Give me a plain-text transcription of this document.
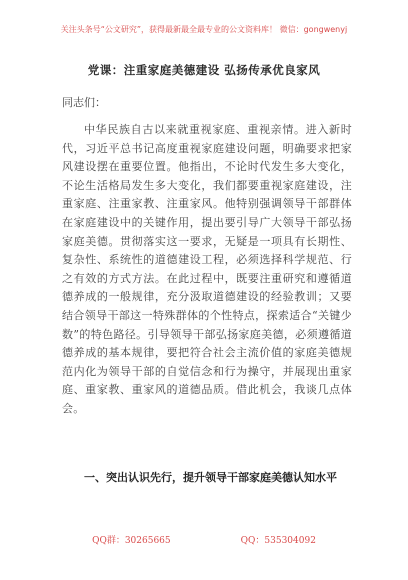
关注头条号“公文研究”，获得最新最全最专业的公文资料库！ 微信：gongwenyj
党课：注重家庭美德建设 弘扬传承优良家风
同志们：

中华民族自古以来就重视家庭、重视亲情。进入新时代，习近平总书记高度重视家庭建设问题，明确要求把家风建设摆在重要位置。他指出，不论时代发生多大变化，不论生活格局发生多大变化，我们都要重视家庭建设，注重家庭、注重家教、注重家风。他特别强调领导干部群体在家庭建设中的关键作用，提出要引导广大领导干部弘扬家庭美德。贯彻落实这一要求，无疑是一项具有长期性、复杂性、系统性的道德建设工程，必须选择科学规范、行之有效的方式方法。在此过程中，既要注重研究和遵循道德养成的一般规律，充分汲取道德建设的经验教训；又要结合领导干部这一特殊群体的个性特点，探索适合“关键少数”的特色路径。引导领导干部弘扬家庭美德，必须遵循道德养成的基本规律，要把符合社会主流价值的家庭美德规范内化为领导干部的自觉信念和行为操守，并展现出重家庭、重家教、重家风的道德品质。借此机会，我谈几点体会。

一、突出认识先行，提升领导干部家庭美德认知水平
QQ群：30265665	QQ：535304092
